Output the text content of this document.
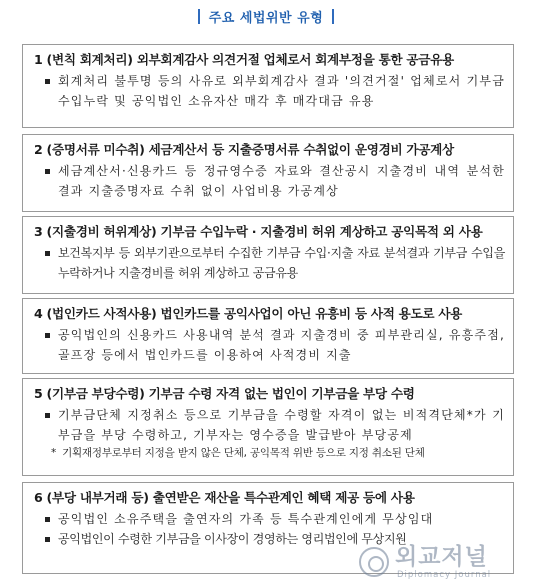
주요 세법위반 유형
1 (변칙 회계처리) 외부회계감사 의견거절 업체로서 회계부정을 통한 공금유용
회계처리 불투명 등의 사유로 외부회계감사 결과 '의견거절' 업체로서 기부금 수입누락 및 공익법인 소유자산 매각 후 매각대금 유용
2 (증명서류 미수취) 세금계산서 등 지출증명서류 수취없이 운영경비 가공계상
세금계산서·신용카드 등 정규영수증 자료와 결산공시 지출경비 내역 분석한 결과 지출증명자료 수취 없이 사업비용 가공계상
3 (지출경비 허위계상) 기부금 수입누락 · 지출경비 허위 계상하고 공익목적 외 사용
보건복지부 등 외부기관으로부터 수집한 기부금 수입·지출 자료 분석결과 기부금 수입을 누락하거나 지출경비를 허위 계상하고 공금유용
4 (법인카드 사적사용) 법인카드를 공익사업이 아닌 유흥비 등 사적 용도로 사용
공익법인의 신용카드 사용내역 분석 결과 지출경비 중 피부관리실, 유흥주점, 골프장 등에서 법인카드를 이용하여 사적경비 지출
5 (기부금 부당수령) 기부금 수령 자격 없는 법인이 기부금을 부당 수령
기부금단체 지정취소 등으로 기부금을 수령할 자격이 없는 비적격단체*가 기부금을 부당 수령하고, 기부자는 영수증을 발급받아 부당공제
* 기획재정부로부터 지정을 받지 않은 단체, 공익목적 위반 등으로 지정 취소된 단체
6 (부당 내부거래 등) 출연받은 재산을 특수관계인 혜택 제공 등에 사용
공익법인 소유주택을 출연자의 가족 등 특수관계인에게 무상임대
공익법인이 수령한 기부금을 이사장이 경영하는 영리법인에 무상지원
외교저널
Diplomacy Journal
